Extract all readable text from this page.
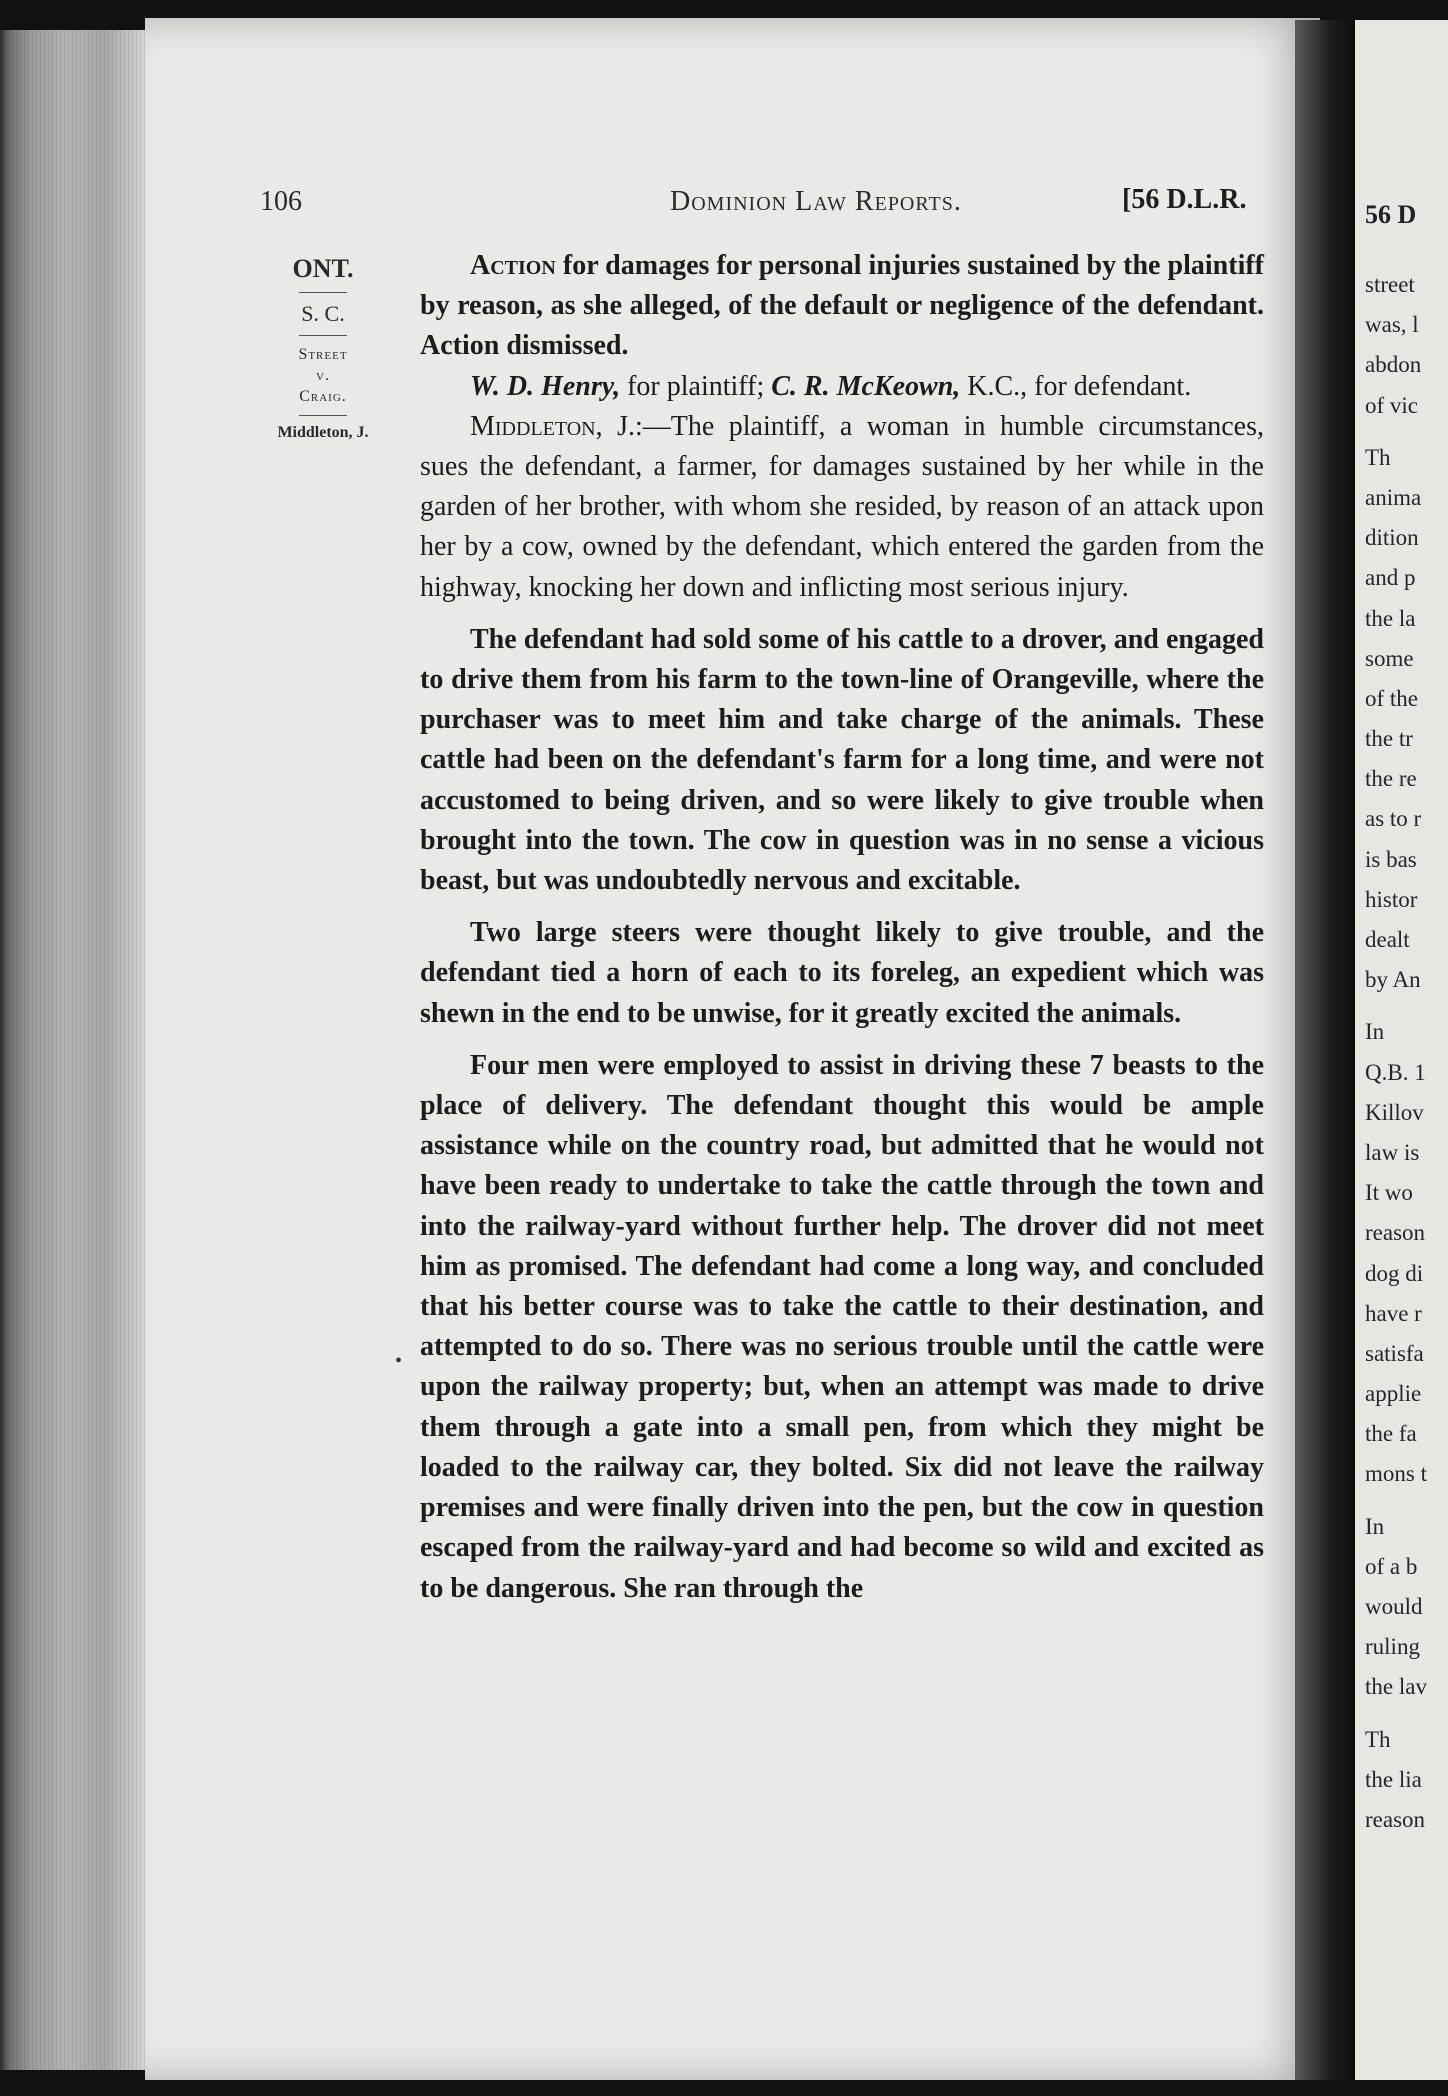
106	Dominion Law Reports.	[56 D.L.R.
ONT.
S. C.
Street
v.
Craig.
Middleton, J.
•

Action for damages for personal injuries sustained by the plaintiff by reason, as she alleged, of the default or negligence of the defendant. Action dismissed.

W. D. Henry, for plaintiff; C. R. McKeown, K.C., for defendant.

Middleton, J.:—The plaintiff, a woman in humble circumstances, sues the defendant, a farmer, for damages sustained by her while in the garden of her brother, with whom she resided, by reason of an attack upon her by a cow, owned by the defendant, which entered the garden from the highway, knocking her down and inflicting most serious injury.

The defendant had sold some of his cattle to a drover, and engaged to drive them from his farm to the town-line of Orangeville, where the purchaser was to meet him and take charge of the animals. These cattle had been on the defendant's farm for a long time, and were not accustomed to being driven, and so were likely to give trouble when brought into the town. The cow in question was in no sense a vicious beast, but was undoubtedly nervous and excitable.

Two large steers were thought likely to give trouble, and the defendant tied a horn of each to its foreleg, an expedient which was shewn in the end to be unwise, for it greatly excited the animals.

Four men were employed to assist in driving these 7 beasts to the place of delivery. The defendant thought this would be ample assistance while on the country road, but admitted that he would not have been ready to undertake to take the cattle through the town and into the railway-yard without further help. The drover did not meet him as promised. The defendant had come a long way, and concluded that his better course was to take the cattle to their destination, and attempted to do so. There was no serious trouble until the cattle were upon the railway property; but, when an attempt was made to drive them through a gate into a small pen, from which they might be loaded to the railway car, they bolted. Six did not leave the railway premises and were finally driven into the pen, but the cow in question escaped from the railway-yard and had become so wild and excited as to be dangerous. She ran through the

56 D
street
was, l
abdon
of vic
Th
anima
dition
and p
the la
some
of the
the tr
the re
as to r
is bas
histor
dealt
by An
In
Q.B. 1
Killov
law is
It wo
reason
dog di
have r
satisfa
applie
the fa
mons t
In
of a b
would
ruling
the lav
Th
the lia
reason
